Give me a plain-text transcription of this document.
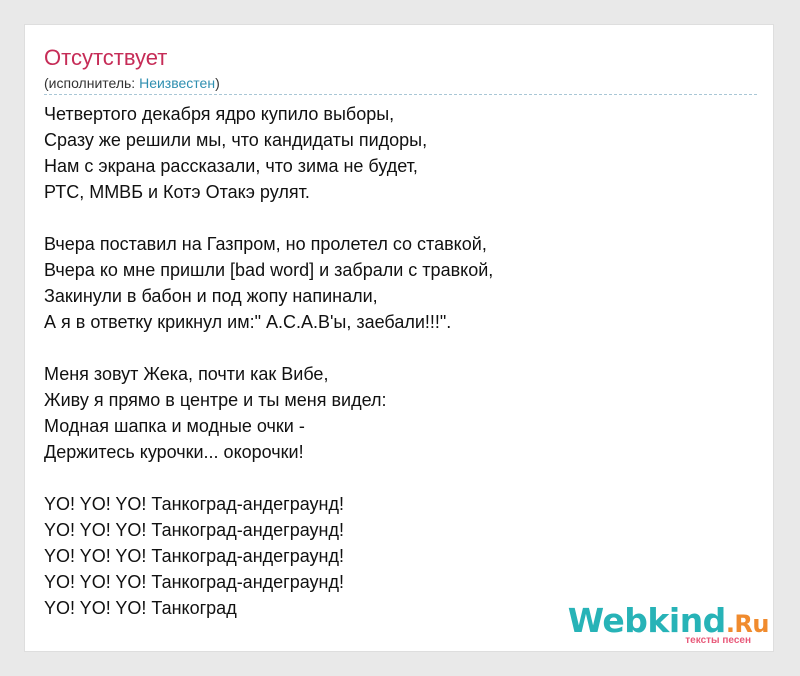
Отсутствует
(исполнитель: Неизвестен)
Четвертого декабря ядро купило выборы,
Сразу же решили мы, что кандидаты пидоры,
Нам с экрана рассказали, что зима не будет,
РТС, ММВБ и Котэ Отакэ рулят.
Вчера поставил на Газпром, но пролетел со ставкой,
Вчера ко мне пришли [bad word] и забрали с травкой,
Закинули в бабон и под жопу напинали,
А я в ответку крикнул им:" А.С.А.В'ы, заебали!!!".
Меня зовут Жека, почти как Вибе,
Живу я прямо в центре и ты меня видел:
Модная шапка и модные очки -
Держитесь курочки... окорочки!
YO! YO! YO! Танкоград-андеграунд!
YO! YO! YO! Танкоград-андеграунд!
YO! YO! YO! Танкоград-андеграунд!
YO! YO! YO! Танкоград-андеграунд!
YO! YO! YO! Танкоград	Webkind.Ru
тексты песен
